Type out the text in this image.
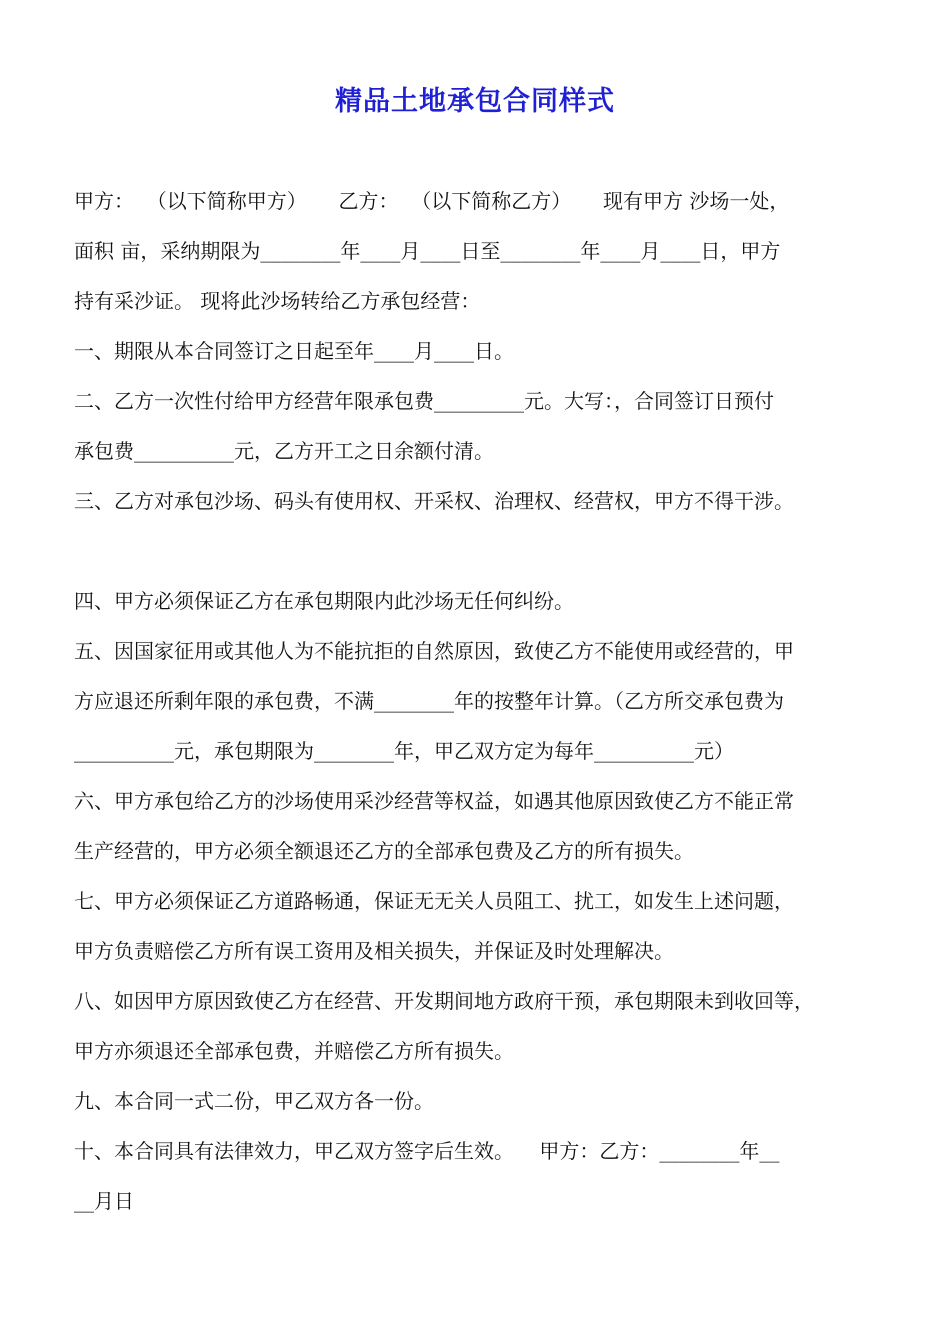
精品土地承包合同样式
甲方：  （以下简称甲方）     乙方：  （以下简称乙方）     现有甲方 沙场一处，
面积 亩，采纳期限为________年____月____日至________年____月____日，甲方
持有采沙证。 现将此沙场转给乙方承包经营：
一、期限从本合同签订之日起至年____月____日。
二、乙方一次性付给甲方经营年限承包费_________元。大写：，合同签订日预付
承包费__________元，乙方开工之日余额付清。
三、乙方对承包沙场、码头有使用权、开采权、治理权、经营权，甲方不得干涉。
四、甲方必须保证乙方在承包期限内此沙场无任何纠纷。
五、因国家征用或其他人为不能抗拒的自然原因，致使乙方不能使用或经营的，甲
方应退还所剩年限的承包费，不满________年的按整年计算。（乙方所交承包费为
__________元，承包期限为________年，甲乙双方定为每年__________元）
六、甲方承包给乙方的沙场使用采沙经营等权益，如遇其他原因致使乙方不能正常
生产经营的，甲方必须全额退还乙方的全部承包费及乙方的所有损失。
七、甲方必须保证乙方道路畅通，保证无无关人员阻工、扰工，如发生上述问题，
甲方负责赔偿乙方所有误工资用及相关损失，并保证及时处理解决。
八、如因甲方原因致使乙方在经营、开发期间地方政府干预，承包期限未到收回等，
甲方亦须退还全部承包费，并赔偿乙方所有损失。
九、本合同一式二份，甲乙双方各一份。
十、本合同具有法律效力，甲乙双方签字后生效。    甲方：乙方：________年__
__月日
